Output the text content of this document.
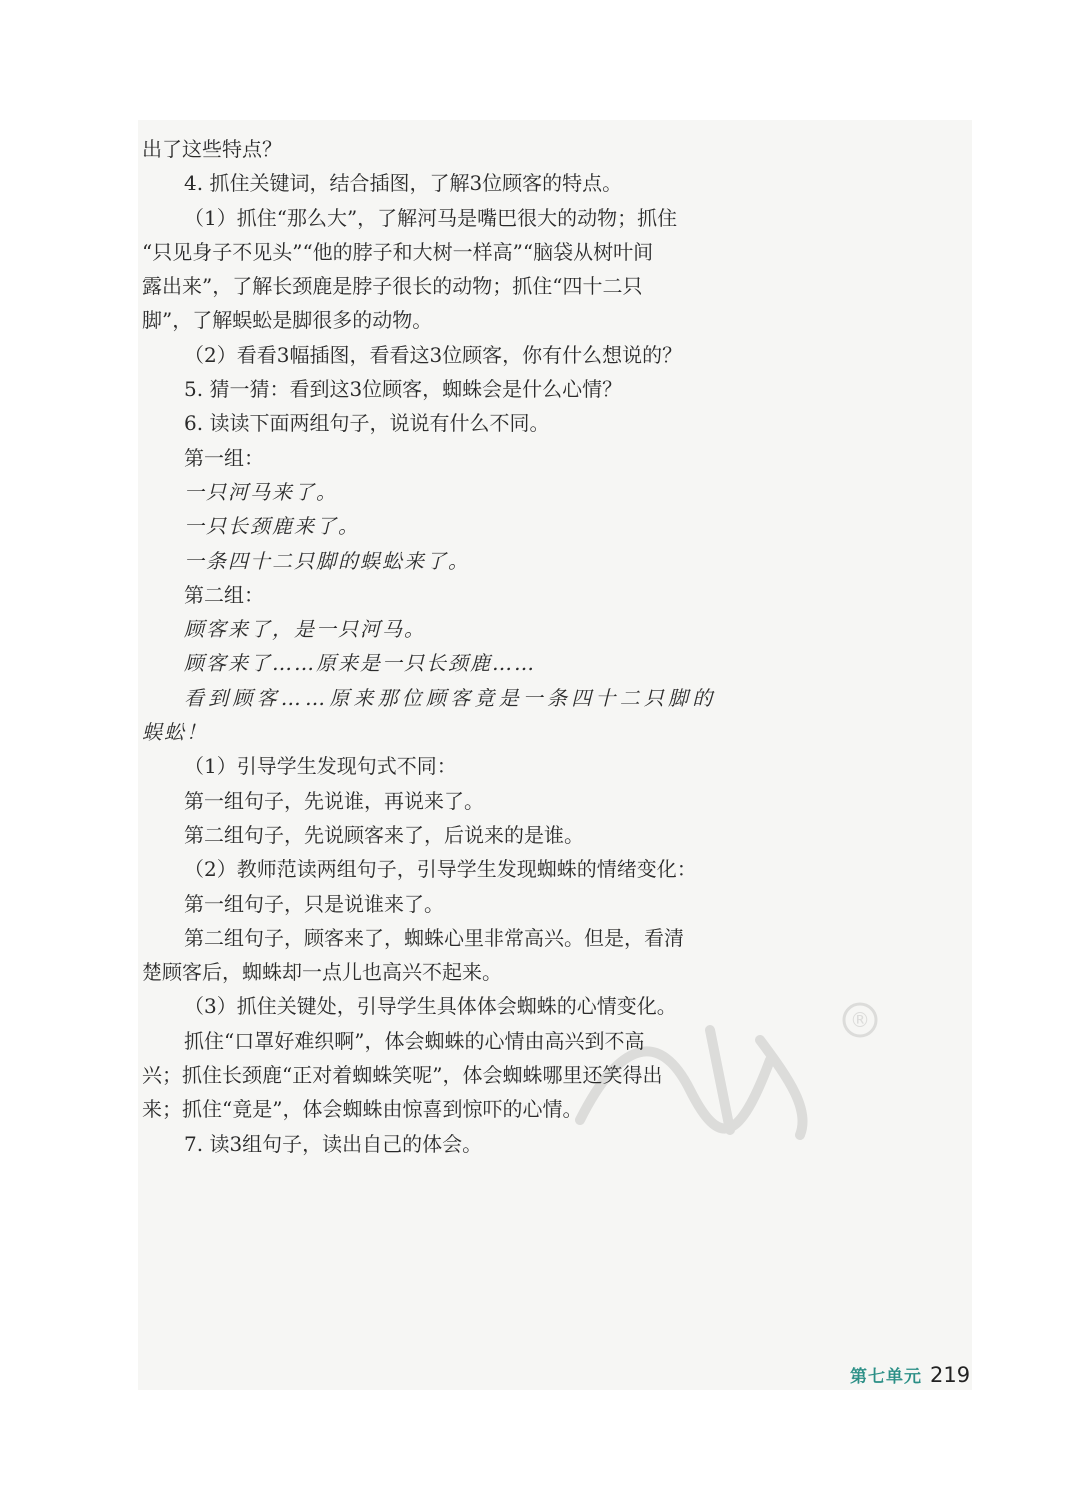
®
出了这些特点？
4. 抓住关键词，结合插图，了解3位顾客的特点。
（1）抓住“那么大”，了解河马是嘴巴很大的动物；抓住
“只见身子不见头”“他的脖子和大树一样高”“脑袋从树叶间
露出来”，了解长颈鹿是脖子很长的动物；抓住“四十二只
脚”，了解蜈蚣是脚很多的动物。
（2）看看3幅插图，看看这3位顾客，你有什么想说的？
5. 猜一猜：看到这3位顾客，蜘蛛会是什么心情？
6. 读读下面两组句子，说说有什么不同。
第一组：
一只河马来了。
一只长颈鹿来了。
一条四十二只脚的蜈蚣来了。
第二组：
顾客来了，是一只河马。
顾客来了……原来是一只长颈鹿……
看到顾客……原来那位顾客竟是一条四十二只脚的
蜈蚣！
（1）引导学生发现句式不同：
第一组句子，先说谁，再说来了。
第二组句子，先说顾客来了，后说来的是谁。
（2）教师范读两组句子，引导学生发现蜘蛛的情绪变化：
第一组句子，只是说谁来了。
第二组句子，顾客来了，蜘蛛心里非常高兴。但是，看清
楚顾客后，蜘蛛却一点儿也高兴不起来。
（3）抓住关键处，引导学生具体体会蜘蛛的心情变化。
抓住“口罩好难织啊”，体会蜘蛛的心情由高兴到不高
兴；抓住长颈鹿“正对着蜘蛛笑呢”，体会蜘蛛哪里还笑得出
来；抓住“竟是”，体会蜘蛛由惊喜到惊吓的心情。
7. 读3组句子，读出自己的体会。
第七单元 219
